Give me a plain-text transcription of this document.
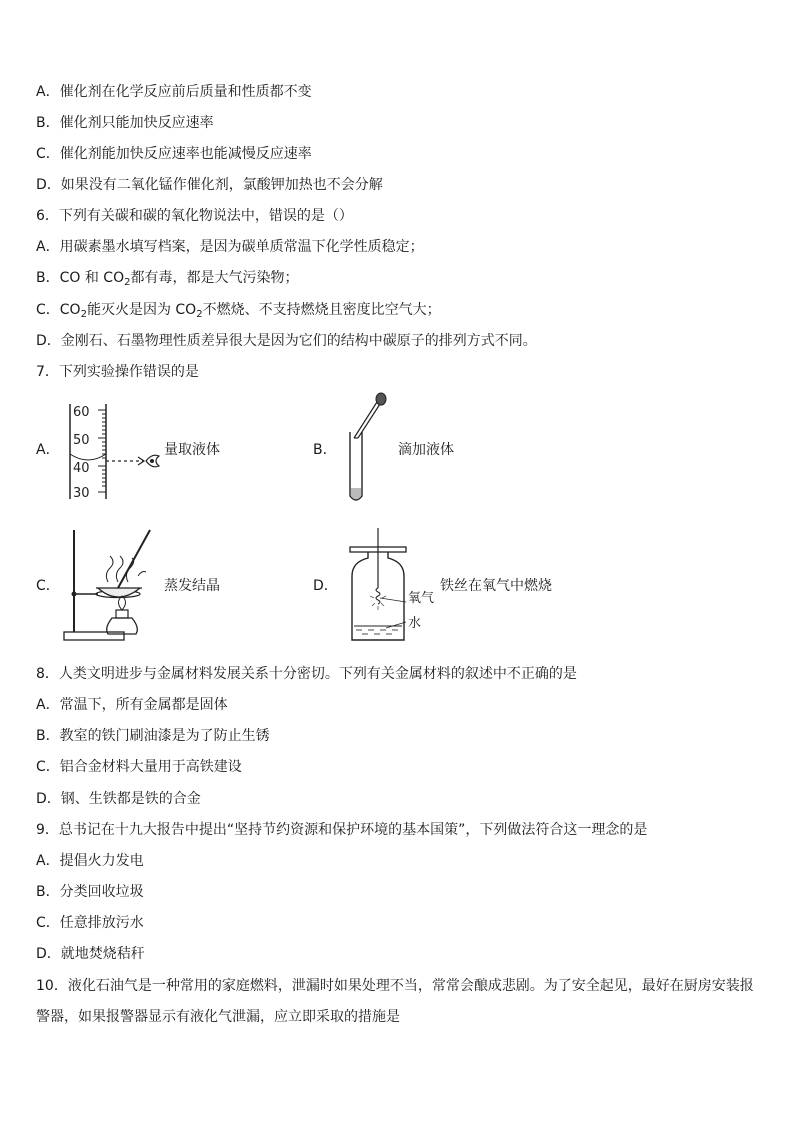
A．催化剂在化学反应前后质量和性质都不变
B．催化剂只能加快反应速率
C．催化剂能加快反应速率也能减慢反应速率
D．如果没有二氧化锰作催化剂，氯酸钾加热也不会分解
6．下列有关碳和碳的氧化物说法中，错误的是（）
A．用碳素墨水填写档案，是因为碳单质常温下化学性质稳定；
B．CO 和 $CO_2$都有毒，都是大气污染物；
C．$CO_2$能灭火是因为 $CO_2$不燃烧、不支持燃烧且密度比空气大；
D．金刚石、石墨物理性质差异很大是因为它们的结构中碳原子的排列方式不同。
7．下列实验操作错误的是
A．
60
50
40
30
量取液体	B．	滴加液体
C．	蒸发结晶	D．
氧气
水
铁丝在氧气中燃烧
8．人类文明进步与金属材料发展关系十分密切。下列有关金属材料的叙述中不正确的是
A．常温下，所有金属都是固体
B．教室的铁门刷油漆是为了防止生锈
C．铝合金材料大量用于高铁建设
D．钢、生铁都是铁的合金
9．总书记在十九大报告中提出“坚持节约资源和保护环境的基本国策”，下列做法符合这一理念的是
A．提倡火力发电
B．分类回收垃圾
C．任意排放污水
D．就地焚烧秸秆
10．液化石油气是一种常用的家庭燃料，泄漏时如果处理不当，常常会酿成悲剧。为了安全起见，最好在厨房安装报警器，如果报警器显示有液化气泄漏，应立即采取的措施是
